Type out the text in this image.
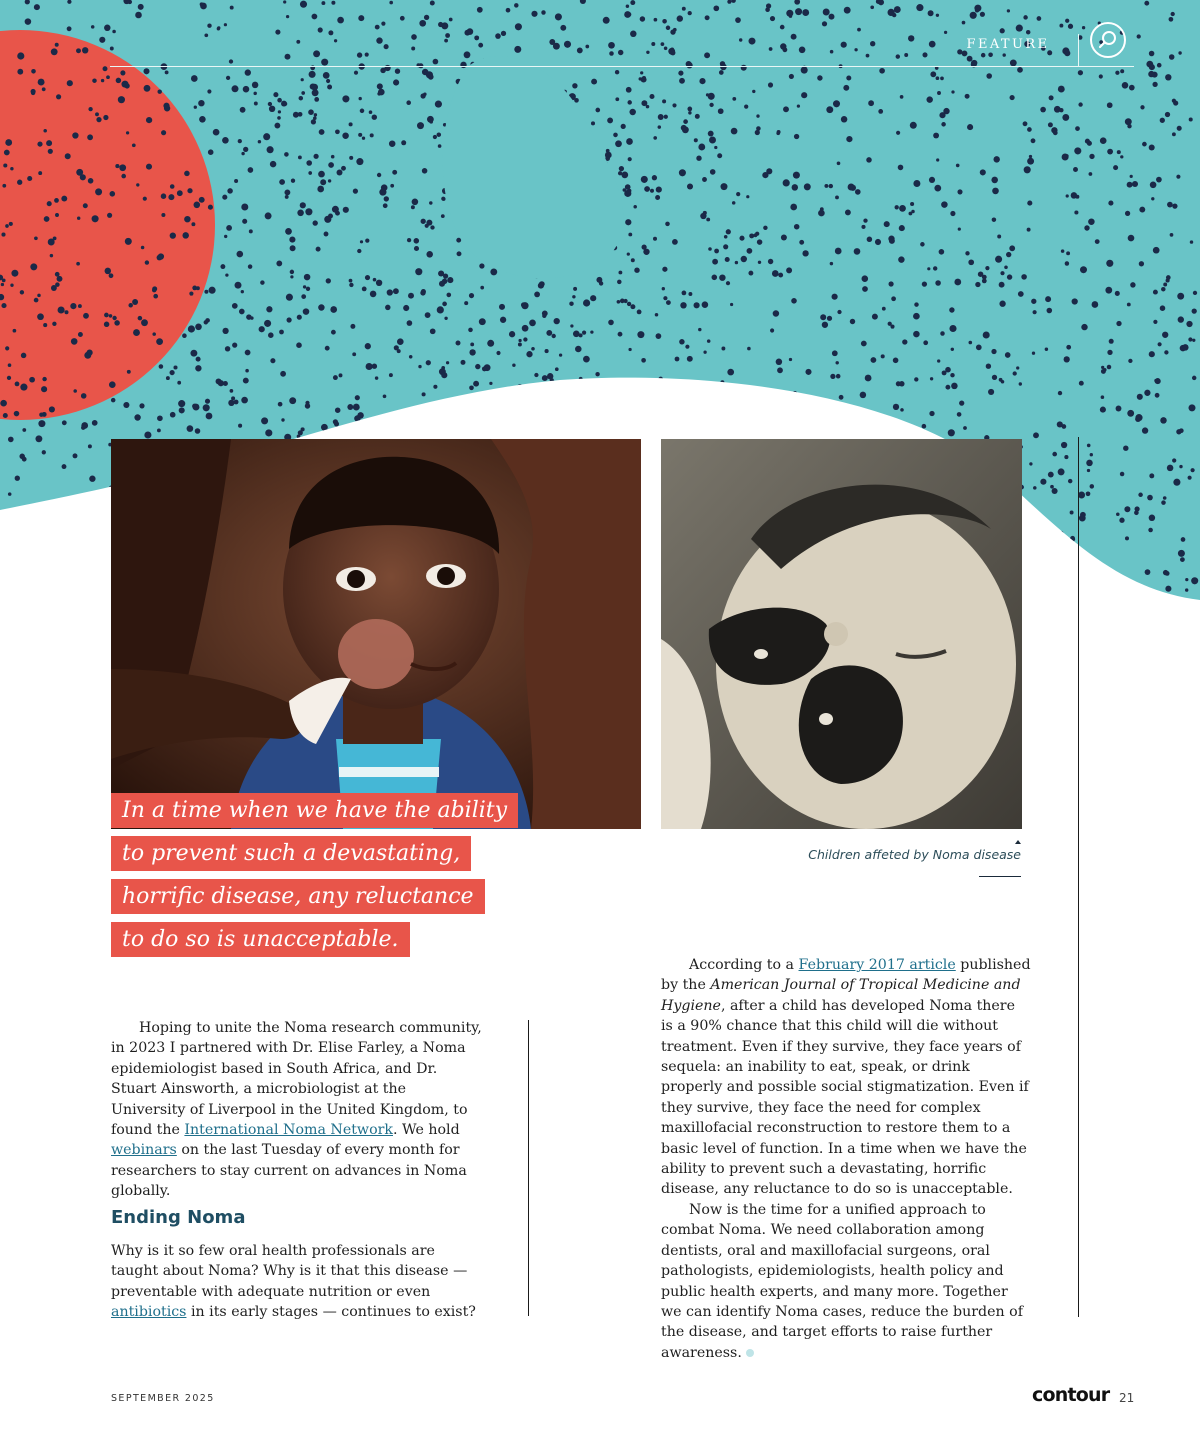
FEATURE
Children affeted by Noma disease
In a time when we have the ability
to prevent such a devastating,
horrific disease, any reluctance
to do so is unacceptable.

Hoping to unite the Noma research community, in 2023 I partnered with Dr. Elise Farley, a Noma epidemiologist based in South Africa, and Dr. Stuart Ainsworth, a microbiologist at the University of Liverpool in the United Kingdom, to found the International Noma Network. We hold webinars on the last Tuesday of every month for researchers to stay current on advances in Noma globally.

Ending Noma

Why is it so few oral health professionals are taught about Noma? Why is it that this disease — preventable with adequate nutrition or even antibiotics in its early stages — continues to exist?

According to a February 2017 article published by the American Journal of Tropical Medicine and Hygiene, after a child has developed Noma there is a 90% chance that this child will die without treatment. Even if they survive, they face years of sequela: an inability to eat, speak, or drink properly and possible social stigmatization. Even if they survive, they face the need for complex maxillofacial reconstruction to restore them to a basic level of function. In a time when we have the ability to prevent such a devastating, horrific disease, any reluctance to do so is unacceptable.

Now is the time for a unified approach to combat Noma. We need collaboration among dentists, oral and maxillofacial surgeons, oral pathologists, epidemiologists, health policy and public health experts, and many more. Together we can identify Noma cases, reduce the burden of the disease, and target efforts to raise further awareness.

SEPTEMBER 2025	contour 21
